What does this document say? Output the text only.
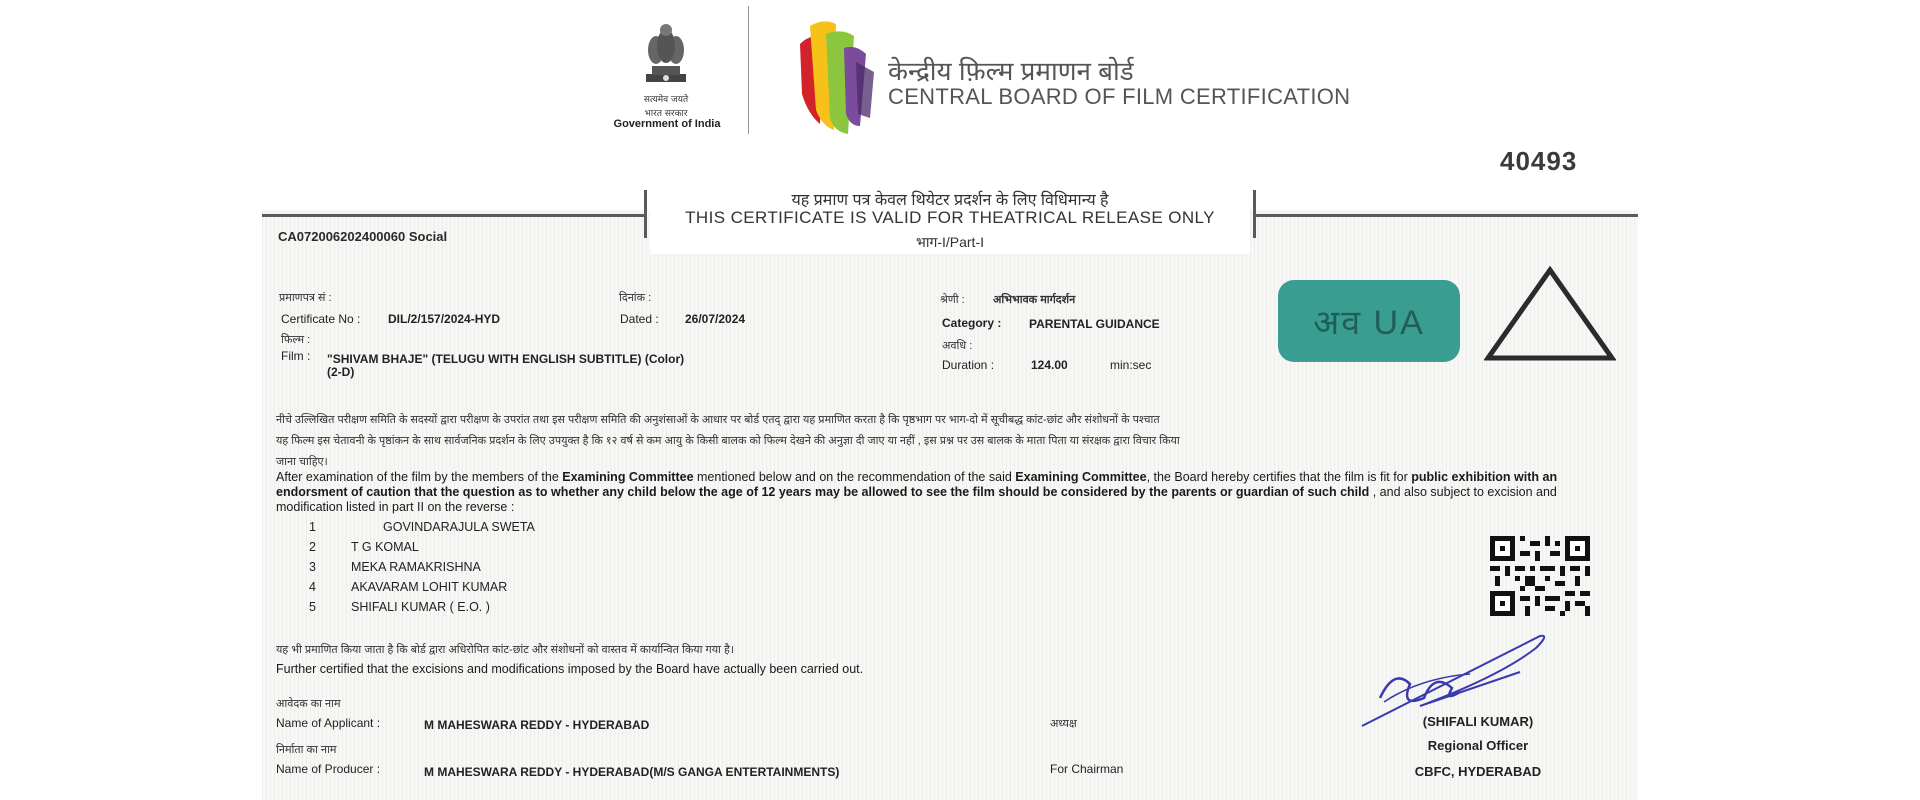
सत्यमेव जयते
भारत सरकार
Government of India
केन्द्रीय फ़िल्म प्रमाणन बोर्ड
CENTRAL BOARD OF FILM CERTIFICATION
40493
यह प्रमाण पत्र केवल थियेटर प्रदर्शन के लिए विधिमान्य है
THIS CERTIFICATE IS VALID FOR THEATRICAL RELEASE ONLY
भाग-I/Part-I
CA072006202400060 Social
प्रमाणपत्र सं :
Certificate No : DIL/2/157/2024-HYD
दिनांक :
Dated : 26/07/2024
फिल्म :
Film : "SHIVAM BHAJE" (TELUGU WITH ENGLISH SUBTITLE) (Color)
(2-D)
श्रेणी :	अभिभावक मार्गदर्शन
Category : PARENTAL GUIDANCE
अवधि :
Duration :	124.00	min:sec
अव UA
नीचे उल्लिखित परीक्षण समिति के सदस्यों द्वारा परीक्षण के उपरांत तथा इस परीक्षण समिति की अनुशंसाओं के आधार पर बोर्ड एतद् द्वारा यह प्रमाणित करता है कि पृष्ठभाग पर भाग-दो में सूचीबद्ध कांट-छांट और संशोधनों के पश्चात
यह फिल्म इस चेतावनी के पृष्ठांकन के साथ सार्वजनिक प्रदर्शन के लिए उपयुक्त है कि १२ वर्ष से कम आयु के किसी बालक को फिल्म देखने की अनुज्ञा दी जाए या नहीं , इस प्रश्न पर उस बालक के माता पिता या संरक्षक द्वारा विचार किया
जाना चाहिए।
After examination of the film by the members of the Examining Committee mentioned below and on the recommendation of the said Examining Committee, the Board hereby certifies that the film is fit for public exhibition with an endorsment of caution that the question as to whether any child below the age of 12 years may be allowed to see the film should be considered by the parents or guardian of such child , and also subject to excision and modification listed in part II on the reverse :
1	GOVINDARAJULA SWETA
2	T G KOMAL
3	MEKA RAMAKRISHNA
4	AKAVARAM LOHIT KUMAR
5	SHIFALI KUMAR ( E.O. )
यह भी प्रमाणित किया जाता है कि बोर्ड द्वारा अधिरोपित कांट-छांट और संशोधनों को वास्तव में कार्यान्वित किया गया है।
Further certified that the excisions and modifications imposed by the Board have actually been carried out.
आवेदक का नाम
Name of Applicant :	M MAHESWARA REDDY - HYDERABAD
निर्माता का नाम
Name of Producer :	M MAHESWARA REDDY - HYDERABAD(M/S GANGA ENTERTAINMENTS)
अध्यक्ष
For Chairman
(SHIFALI KUMAR)
Regional Officer
CBFC, HYDERABAD
